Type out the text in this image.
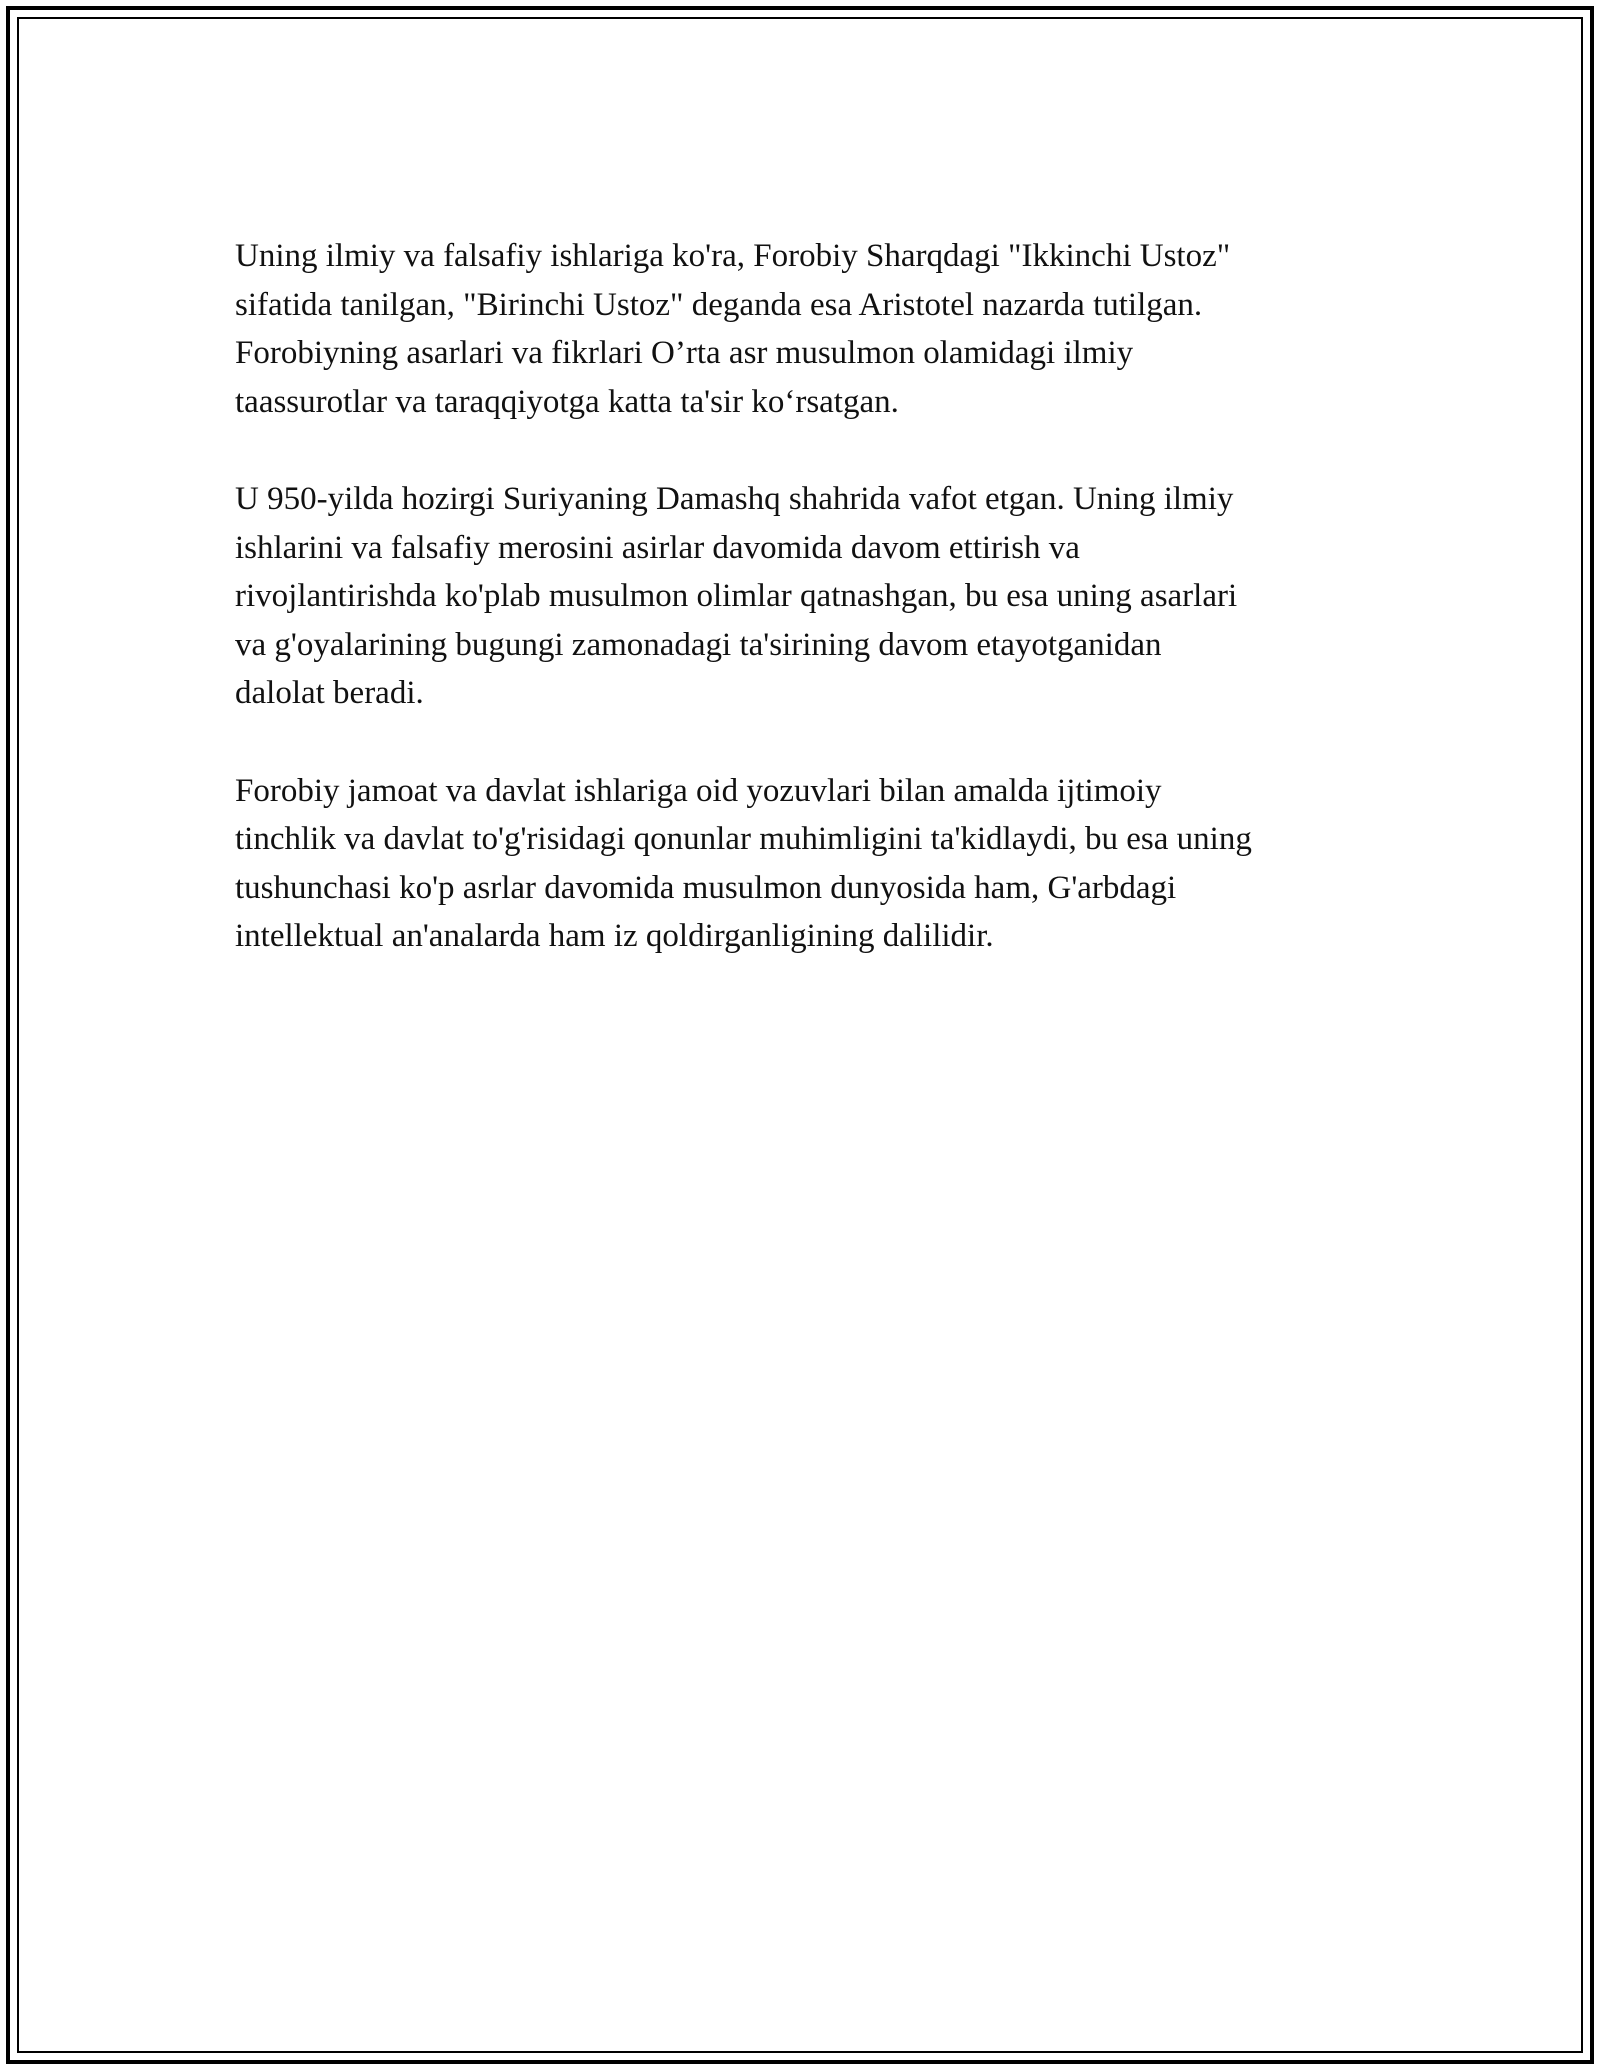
Uning ilmiy va falsafiy ishlariga ko'ra, Forobiy Sharqdagi "Ikkinchi Ustoz"
sifatida tanilgan, "Birinchi Ustoz" deganda esa Aristotel nazarda tutilgan.
Forobiyning asarlari va fikrlari O’rta asr musulmon olamidagi ilmiy
taassurotlar va taraqqiyotga katta ta'sir ko‘rsatgan.

U 950-yilda hozirgi Suriyaning Damashq shahrida vafot etgan. Uning ilmiy
ishlarini va falsafiy merosini asirlar davomida davom ettirish va
rivojlantirishda ko'plab musulmon olimlar qatnashgan, bu esa uning asarlari
va g'oyalarining bugungi zamonadagi ta'sirining davom etayotganidan
dalolat beradi.

Forobiy jamoat va davlat ishlariga oid yozuvlari bilan amalda ijtimoiy
tinchlik va davlat to'g'risidagi qonunlar muhimligini ta'kidlaydi, bu esa uning
tushunchasi ko'p asrlar davomida musulmon dunyosida ham, G'arbdagi
intellektual an'analarda ham iz qoldirganligining dalilidir.
